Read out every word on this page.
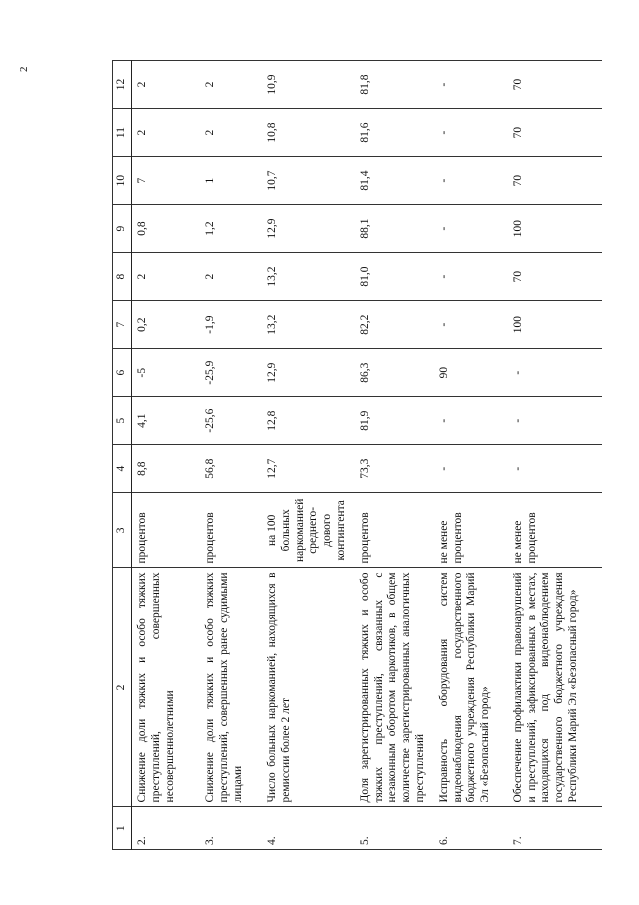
2
1	2	3	4	5	6	7	8	9	10	11	12
2.	Снижение доли тяжких и особо тяжких преступлений, совершенных несовершеннолетними	процентов	8,8	4,1	-5	0,2	2	0,8	7	2	2
3.	Снижение доли тяжких и особо тяжких преступлений, совершенных ранее судимыми лицами	процентов	56,8	-25,6	-25,9	-1,9	2	1,2	1	2	2
4.	Число больных наркоманией, находящихся в ремиссии более 2 лет	на 100 больных наркоманией среднего-дового контингента	12,7	12,8	12,9	13,2	13,2	12,9	10,7	10,8	10,9
5.	Доля зарегистрированных тяжких и особо тяжких преступлений, связанных с незаконным оборотом наркотиков, в общем количестве зарегистрированных аналогичных преступлений	процентов	73,3	81,9	86,3	82,2	81,0	88,1	81,4	81,6	81,8
6.	Исправность оборудования систем видеонаблюдения государственного бюджетного учреждения Республики Марий Эл «Безопасный город»	не менее процентов	-	-	90	-	-	-	-	-	-
7.	Обеспечение профилактики правонарушений и преступлений, зафиксированных в местах, находящихся под видеонаблюдением государственного бюджетного учреждения Республики Марий Эл «Безопасный город»	не менее процентов	-	-	-	100	70	100	70	70	70
